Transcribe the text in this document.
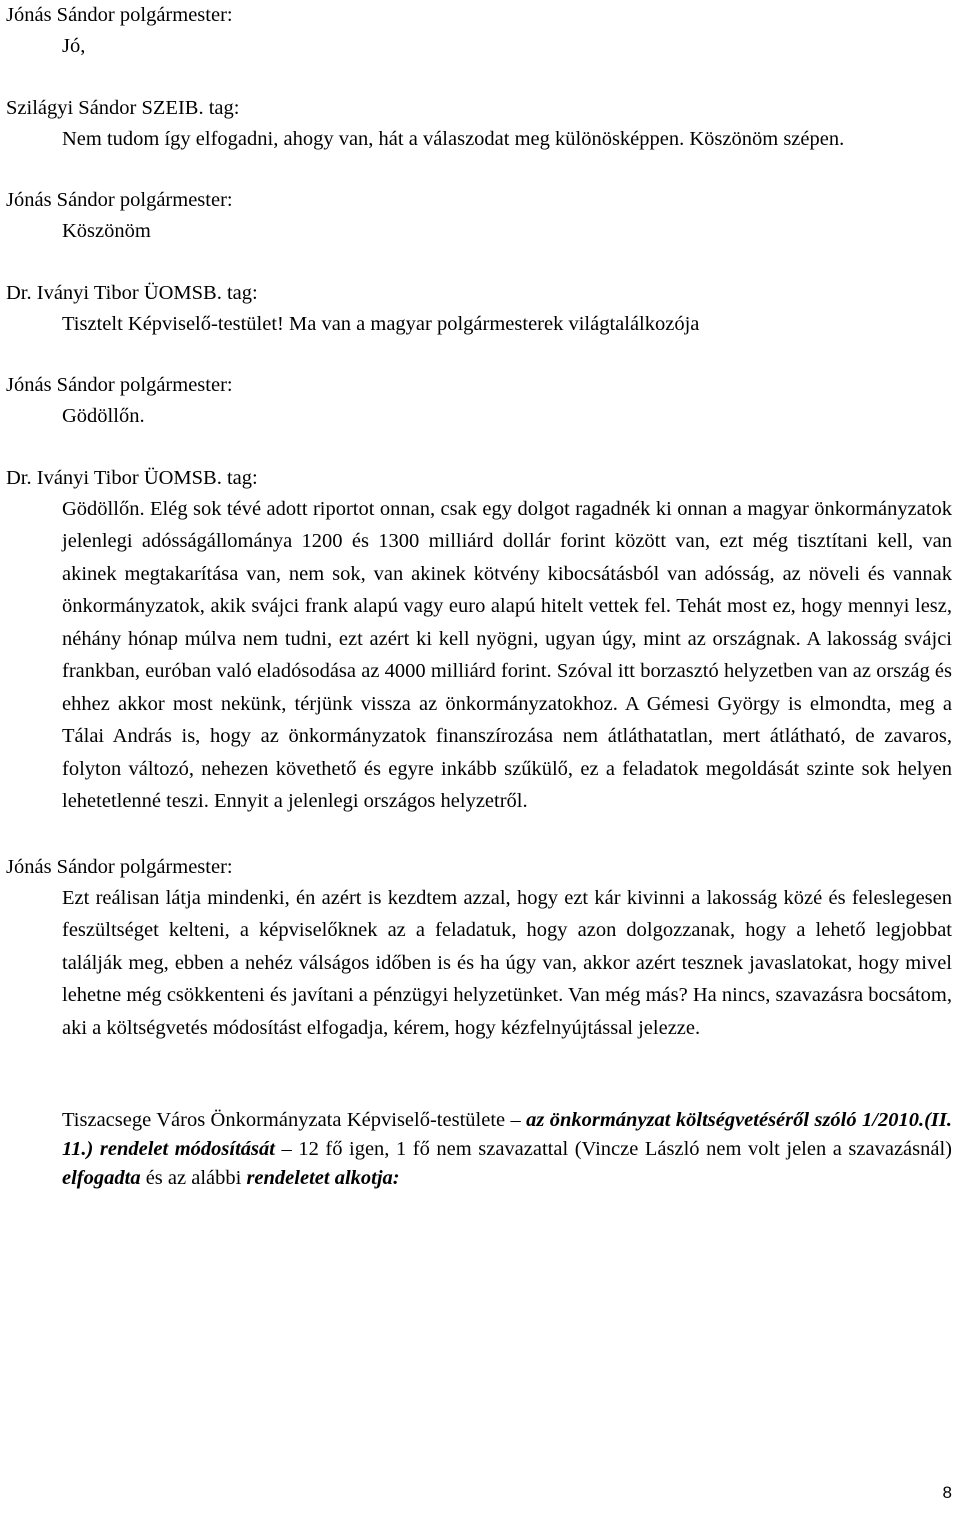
Jónás Sándor polgármester:
Jó,
Szilágyi Sándor SZEIB. tag:
Nem tudom így elfogadni, ahogy van, hát a válaszodat meg különösképpen. Köszönöm szépen.
Jónás Sándor polgármester:
Köszönöm
Dr. Iványi Tibor ÜOMSB. tag:
Tisztelt Képviselő-testület! Ma van a magyar polgármesterek világtalálkozója
Jónás Sándor polgármester:
Gödöllőn.
Dr. Iványi Tibor ÜOMSB. tag:
Gödöllőn. Elég sok tévé adott riportot onnan, csak egy dolgot ragadnék ki onnan a magyar önkormányzatok jelenlegi adósságállománya 1200 és 1300 milliárd dollár forint között van, ezt még tisztítani kell, van akinek megtakarítása van, nem sok, van akinek kötvény kibocsátásból van adósság, az növeli és vannak önkormányzatok, akik svájci frank alapú vagy euro alapú hitelt vettek fel. Tehát most ez, hogy mennyi lesz, néhány hónap múlva nem tudni, ezt azért ki kell nyögni, ugyan úgy, mint az országnak. A lakosság svájci frankban, euróban való eladósodása az 4000 milliárd forint. Szóval itt borzasztó helyzetben van az ország és ehhez akkor most nekünk, térjünk vissza az önkormányzatokhoz. A Gémesi György is elmondta, meg a Tálai András is, hogy az önkormányzatok finanszírozása nem átláthatatlan, mert átlátható, de zavaros, folyton változó, nehezen követhető és egyre inkább szűkülő, ez a feladatok megoldását szinte sok helyen lehetetlenné teszi. Ennyit a jelenlegi országos helyzetről.
Jónás Sándor polgármester:
Ezt reálisan látja mindenki, én azért is kezdtem azzal, hogy ezt kár kivinni a lakosság közé és feleslegesen feszültséget kelteni, a képviselőknek az a feladatuk, hogy azon dolgozzanak, hogy a lehető legjobbat találják meg, ebben a nehéz válságos időben is és ha úgy van, akkor azért tesznek javaslatokat, hogy mivel lehetne még csökkenteni és javítani a pénzügyi helyzetünket. Van még más? Ha nincs, szavazásra bocsátom, aki a költségvetés módosítást elfogadja, kérem, hogy kézfelnyújtással jelezze.
Tiszacsege Város Önkormányzata Képviselő-testülete – az önkormányzat költségvetéséről szóló 1/2010.(II. 11.) rendelet módosítását – 12 fő igen, 1 fő nem szavazattal (Vincze László nem volt jelen a szavazásnál) elfogadta és az alábbi rendeletet alkotja:
8
